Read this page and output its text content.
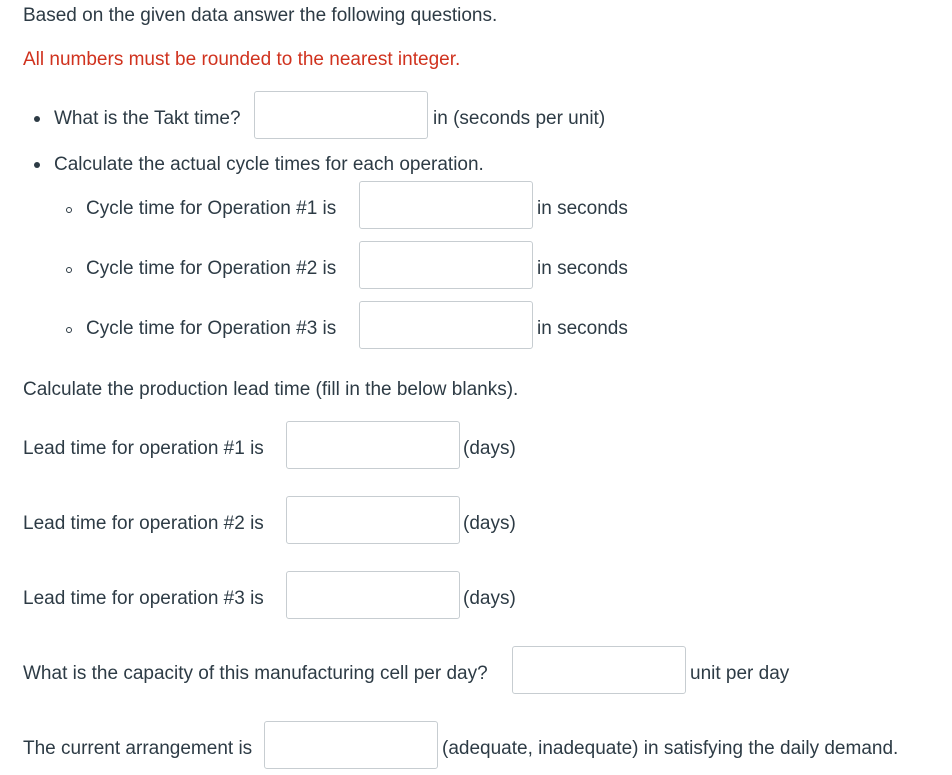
Based on the given data answer the following questions.
All numbers must be rounded to the nearest integer.
What is the Takt time?	in (seconds per unit)
Calculate the actual cycle times for each operation.
Cycle time for Operation #1 is	in seconds
Cycle time for Operation #2 is	in seconds
Cycle time for Operation #3 is	in seconds
Calculate the production lead time (fill in the below blanks).
Lead time for operation #1 is	(days)
Lead time for operation #2 is	(days)
Lead time for operation #3 is	(days)
What is the capacity of this manufacturing cell per day?	unit per day
The current arrangement is	(adequate, inadequate) in satisfying the daily demand.
